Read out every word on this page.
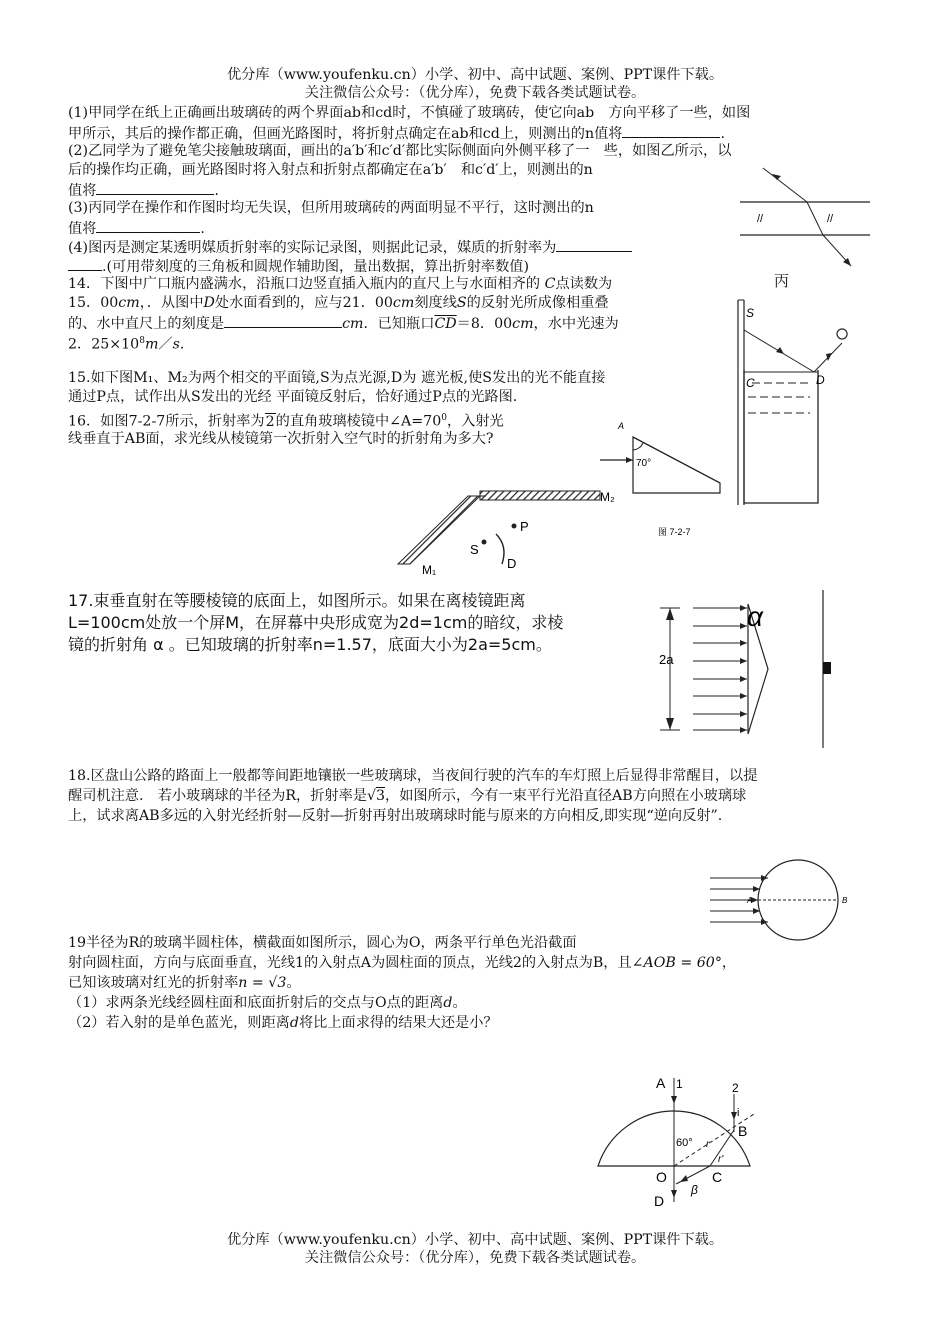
优分库（www.youfenku.cn）小学、初中、高中试题、案例、PPT课件下载。
关注微信公众号：（优分库），免费下载各类试题试卷。
(1)甲同学在纸上正确画出玻璃砖的两个界面ab和cd时，不慎碰了玻璃砖，使它向ab　方向平移了一些，如图
甲所示，其后的操作都正确，但画光路图时，将折射点确定在ab和cd上，则测出的n值将	.
(2)乙同学为了避免笔尖接触玻璃面，画出的a′b′和c′d′都比实际侧面向外侧平移了一　些，如图乙所示，以
后的操作均正确，画光路图时将入射点和折射点都确定在a′b′　和c′d′上，则测出的n
值将	.
(3)丙同学在操作和作图时均无失误，但所用玻璃砖的两面明显不平行，这时测出的n
值将	.
(4)图丙是测定某透明媒质折射率的实际记录图，则据此记录，媒质的折射率为
.(可用带刻度的三角板和圆规作辅助图，量出数据，算出折射率数值)
//	//
丙
14．下图中广口瓶内盛满水，沿瓶口边竖直插入瓶内的直尺上与水面相齐的 C点读数为
15．00cm，．从图中D处水面看到的，应与21．00cm刻度线S的反射光所成像相重叠
的、水中直尺上的刻度是	cm．已知瓶口$\overline{CD}=8$．00cm，水中光速为
2．$25\times 10^8m/s$．
S
C	D
15.如下图M₁、M₂为两个相交的平面镜,S为点光源,D为 遮光板,使S发出的光不能直接
通过P点，试作出从S发出的光经 平面镜反射后，恰好通过P点的光路图.
16．如图7-2-7所示，折射率为2的直角玻璃棱镜中$\angle A=70^0$，入射光
线垂直于AB面，求光线从棱镜第一次折射入空气时的折射角为多大?
A
70°
图 7-2-7
M₂
M₁
S
P
D
17.束垂直射在等腰棱镜的底面上，如图所示。如果在离棱镜距离
L=100cm处放一个屏M，在屏幕中央形成宽为2d=1cm的暗纹，求棱
镜的折射角 α 。已知玻璃的折射率n=1.57，底面大小为2a=5cm。
2a
α
18.区盘山公路的路面上一般都等间距地镶嵌一些玻璃球，当夜间行驶的汽车的车灯照上后显得非常醒目，以提
醒司机注意.　若小玻璃球的半径为R，折射率是√3，如图所示，今有一束平行光沿直径AB方向照在小玻璃球
上，试求离AB多远的入射光经折射—反射—折射再射出玻璃球时能与原来的方向相反,即实现“逆向反射”.
A	B
19半径为R的玻璃半圆柱体，横截面如图所示，圆心为O，两条平行单色光沿截面
射向圆柱面，方向与底面垂直，光线1的入射点A为圆柱面的顶点，光线2的入射点为B，且∠AOB = 60°，
已知该玻璃对红光的折射率n = √3。
（1）求两条光线经圆柱面和底面折射后的交点与O点的距离d。
（2）若入射的是单色蓝光，则距离d将比上面求得的结果大还是小？
A 1	2
B
i
60° r
r'
O	C
β
D
优分库（www.youfenku.cn）小学、初中、高中试题、案例、PPT课件下载。
关注微信公众号：（优分库），免费下载各类试题试卷。
